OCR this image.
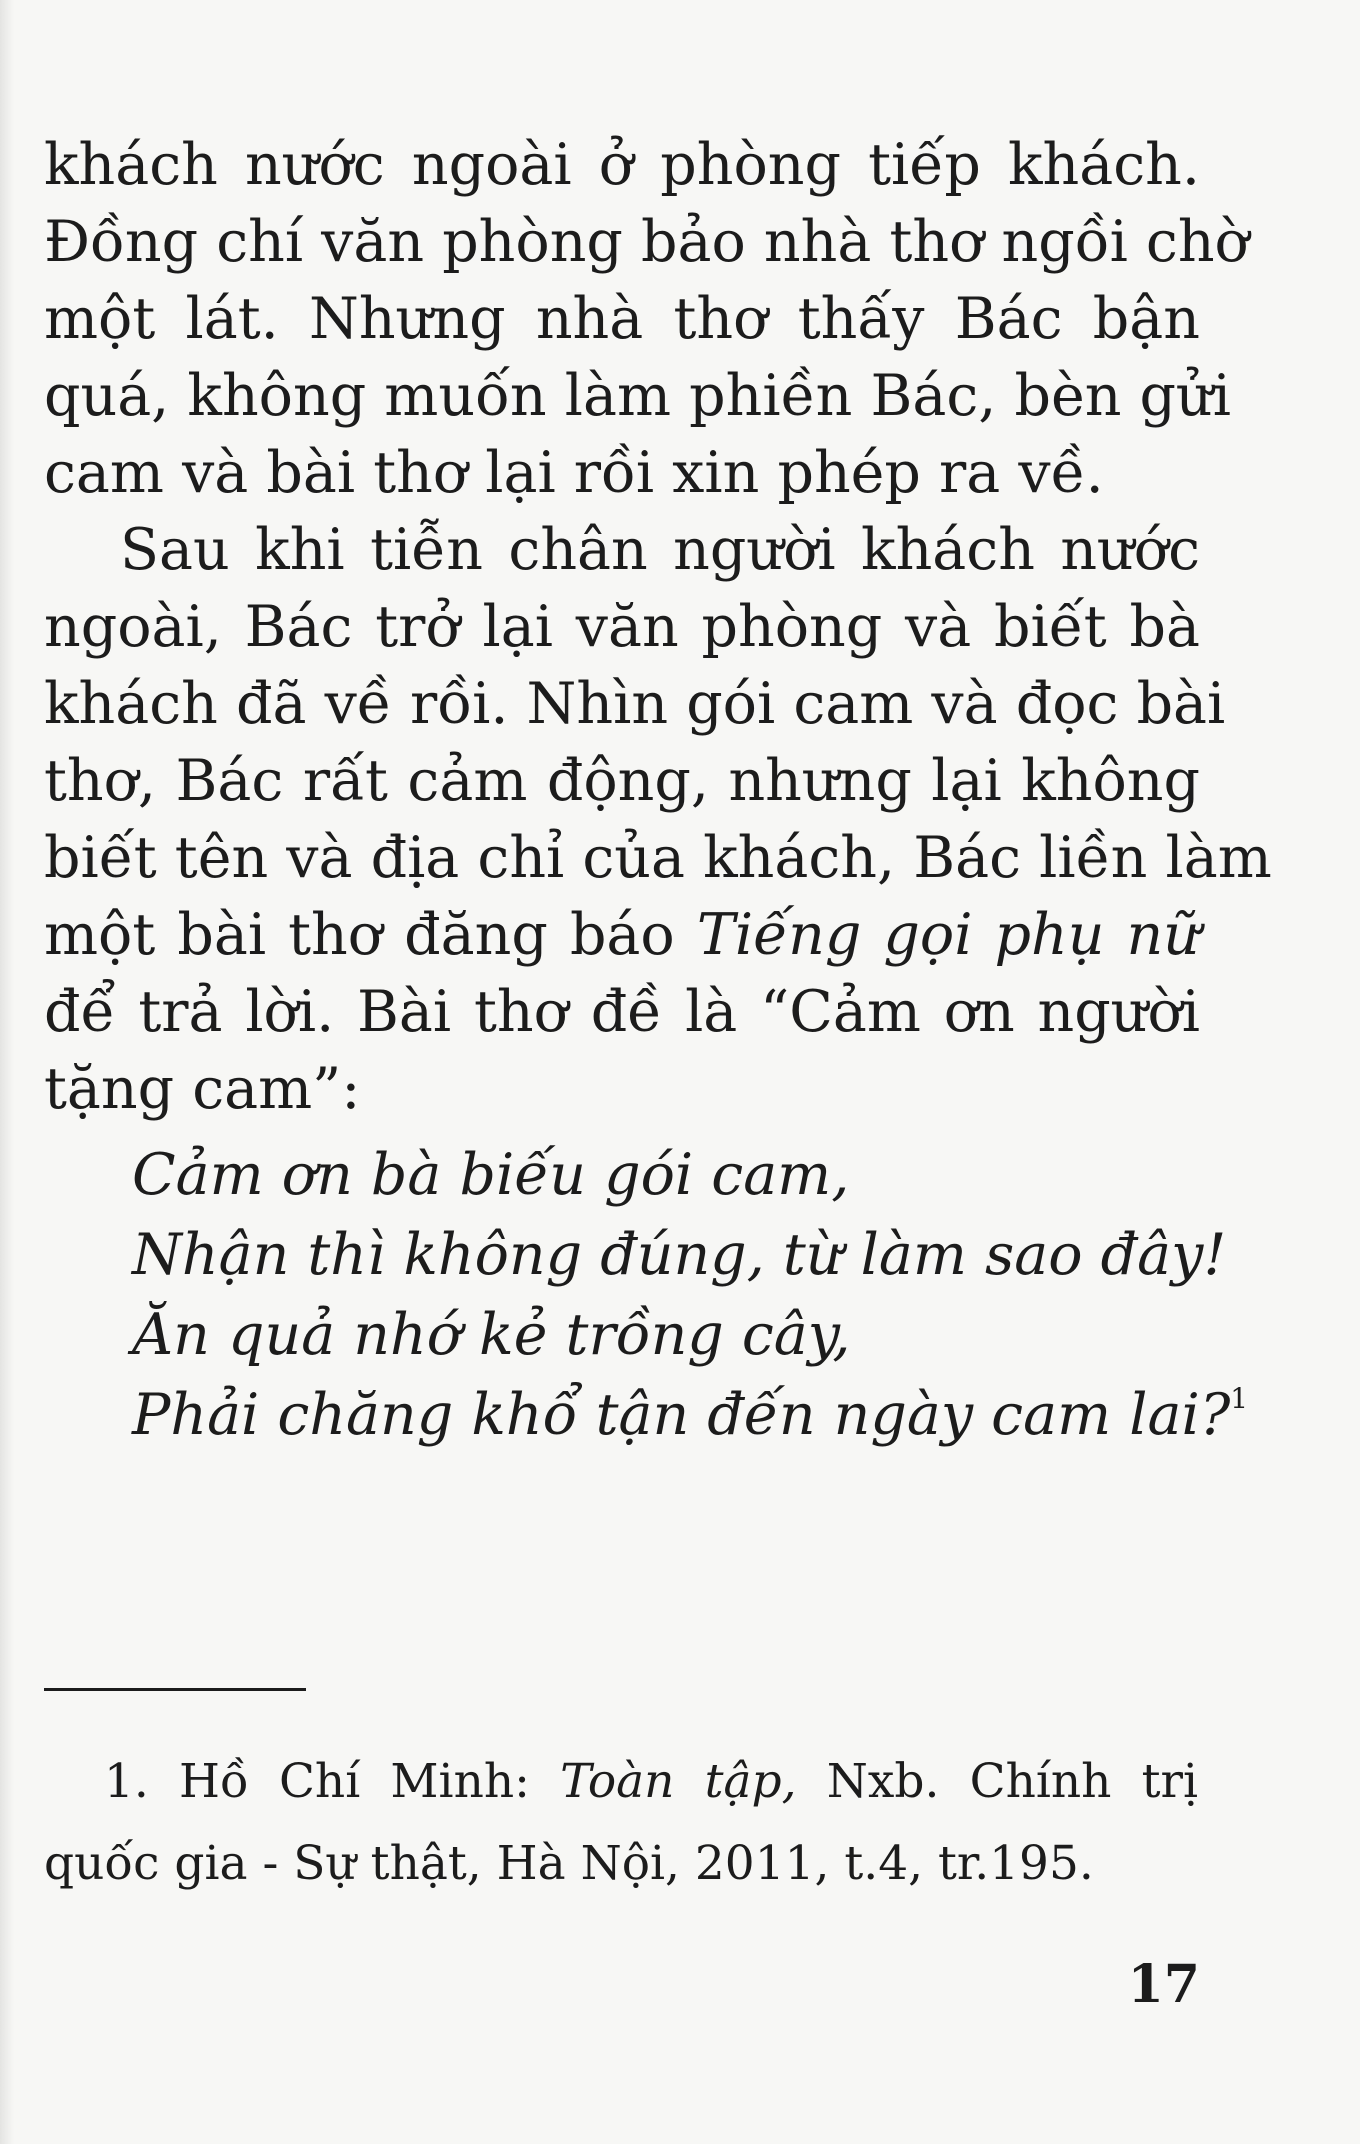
khách nước ngoài ở phòng tiếp khách.
Đồng chí văn phòng bảo nhà thơ ngồi chờ
một lát. Nhưng nhà thơ thấy Bác bận
quá, không muốn làm phiền Bác, bèn gửi
cam và bài thơ lại rồi xin phép ra về.
Sau khi tiễn chân người khách nước
ngoài, Bác trở lại văn phòng và biết bà
khách đã về rồi. Nhìn gói cam và đọc bài
thơ, Bác rất cảm động, nhưng lại không
biết tên và địa chỉ của khách, Bác liền làm
một bài thơ đăng báo Tiếng gọi phụ nữ
để trả lời. Bài thơ đề là “Cảm ơn người
tặng cam”:
Cảm ơn bà biếu gói cam,
Nhận thì không đúng, từ làm sao đây!
Ăn quả nhớ kẻ trồng cây,
Phải chăng khổ tận đến ngày cam lai?$^1$
1. Hồ Chí Minh: Toàn tập, Nxb. Chính trị
quốc gia - Sự thật, Hà Nội, 2011, t.4, tr.195.
17
